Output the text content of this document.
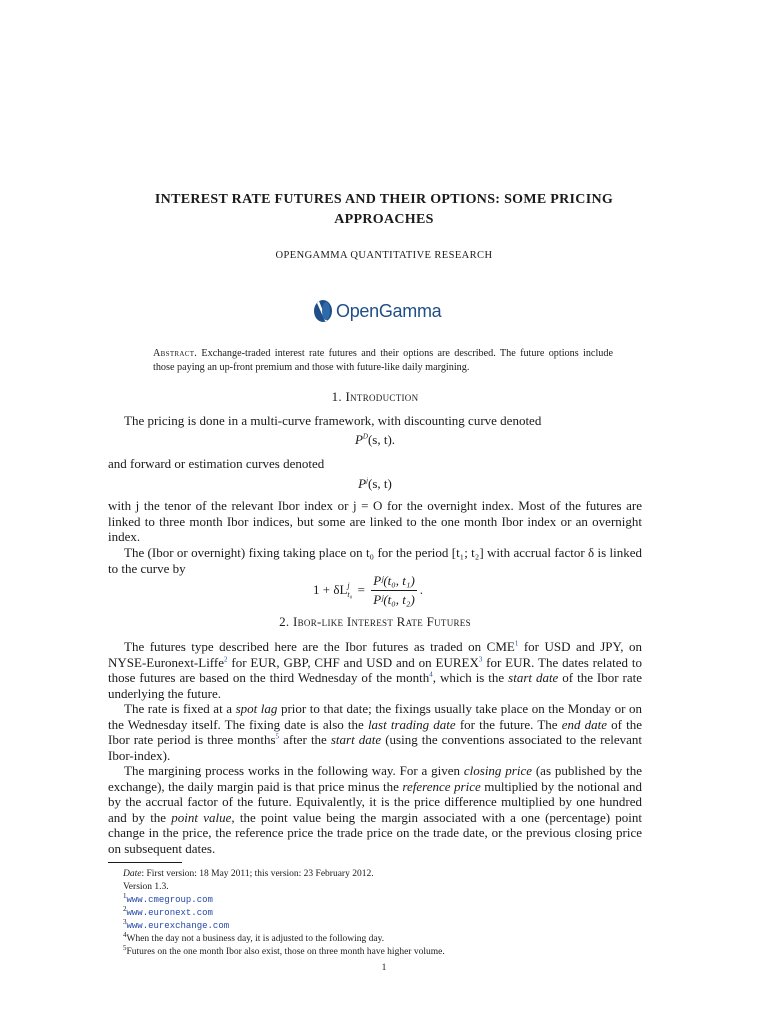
INTEREST RATE FUTURES AND THEIR OPTIONS: SOME PRICING
APPROACHES
OPENGAMMA QUANTITATIVE RESEARCH
OpenGamma
Abstract. Exchange-traded interest rate futures and their options are described. The future options include those paying an up-front premium and those with future-like daily margining.
1. Introduction
The pricing is done in a multi-curve framework, with discounting curve denoted
$P^D(s$, t).
and forward or estimation curves denoted
$P^j(s$, t)
with j the tenor of the relevant Ibor index or j = O for the overnight index. Most of the futures are linked to three month Ibor indices, but some are linked to the one month Ibor index or an overnight index.
The (Ibor or overnight) fixing taking place on t₀ for the period [t₁; t₂] with accrual factor δ is linked to the curve by
1 + δL j
$t_0 = \frac{\text{Pʲ(t₀, t₁)}}{\text{Pʲ(t₀, t₂)}}$ .
2. Ibor-like Interest Rate Futures
The futures type described here are the Ibor futures as traded on CME$^1$ for USD and JPY, on NYSE-Euronext-Liffe$^2$ for EUR, GBP, CHF and USD and on EUREX$^3$ for EUR. The dates related to those futures are based on the third Wednesday of the month$^4$, which is the start date of the Ibor rate underlying the future.
The rate is fixed at a spot lag prior to that date; the fixings usually take place on the Monday or on the Wednesday itself. The fixing date is also the last trading date for the future. The end date of the Ibor rate period is three months$^5$ after the start date (using the conventions associated to the relevant Ibor-index).
The margining process works in the following way. For a given closing price (as published by the exchange), the daily margin paid is that price minus the reference price multiplied by the notional and by the accrual factor of the future. Equivalently, it is the price difference multiplied by one hundred and by the point value, the point value being the margin associated with a one (percentage) point change in the price, the reference price the trade price on the trade date, or the previous closing price on subsequent dates.
Date: First version: 18 May 2011; this version: 23 February 2012.
Version 1.3.
$^1$www.cmegroup.com
$^2$www.euronext.com
$^3$www.eurexchange.com
$^4$When the day not a business day, it is adjusted to the following day.
$^5$Futures on the one month Ibor also exist, those on three month have higher volume.
1
